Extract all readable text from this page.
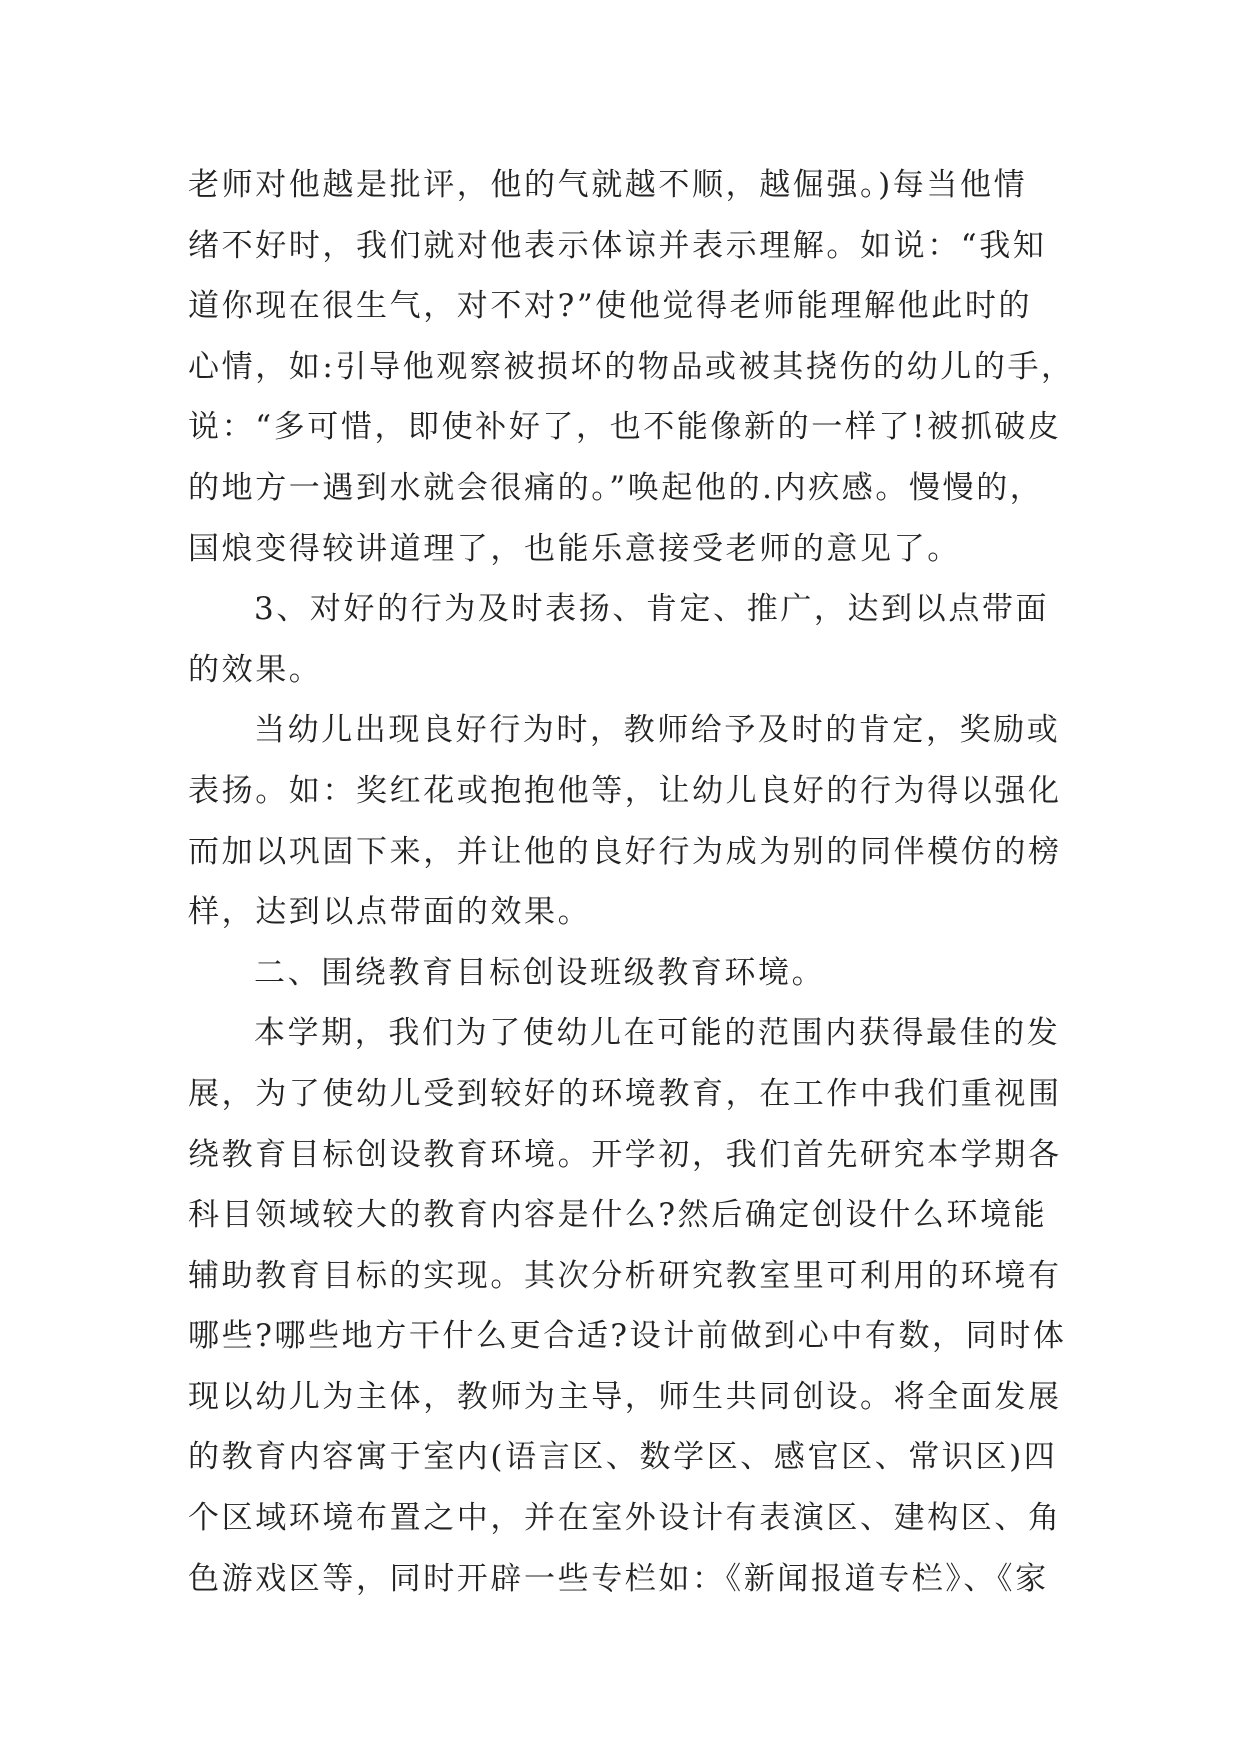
老师对他越是批评，他的气就越不顺，越倔强。)每当他情
绪不好时，我们就对他表示体谅并表示理解。如说：“我知
道你现在很生气，对不对?”使他觉得老师能理解他此时的
心情，如:引导他观察被损坏的物品或被其挠伤的幼儿的手，
说：“多可惜，即使补好了，也不能像新的一样了!被抓破皮
的地方一遇到水就会很痛的。”唤起他的.内疚感。慢慢的，
国烺变得较讲道理了，也能乐意接受老师的意见了。
3、对好的行为及时表扬、肯定、推广，达到以点带面
的效果。
当幼儿出现良好行为时，教师给予及时的肯定，奖励或
表扬。如：奖红花或抱抱他等，让幼儿良好的行为得以强化
而加以巩固下来，并让他的良好行为成为别的同伴模仿的榜
样，达到以点带面的效果。
二、围绕教育目标创设班级教育环境。
本学期，我们为了使幼儿在可能的范围内获得最佳的发
展，为了使幼儿受到较好的环境教育，在工作中我们重视围
绕教育目标创设教育环境。开学初，我们首先研究本学期各
科目领域较大的教育内容是什么?然后确定创设什么环境能
辅助教育目标的实现。其次分析研究教室里可利用的环境有
哪些?哪些地方干什么更合适?设计前做到心中有数，同时体
现以幼儿为主体，教师为主导，师生共同创设。将全面发展
的教育内容寓于室内(语言区、数学区、感官区、常识区)四
个区域环境布置之中，并在室外设计有表演区、建构区、角
色游戏区等，同时开辟一些专栏如：《新闻报道专栏》、《家
